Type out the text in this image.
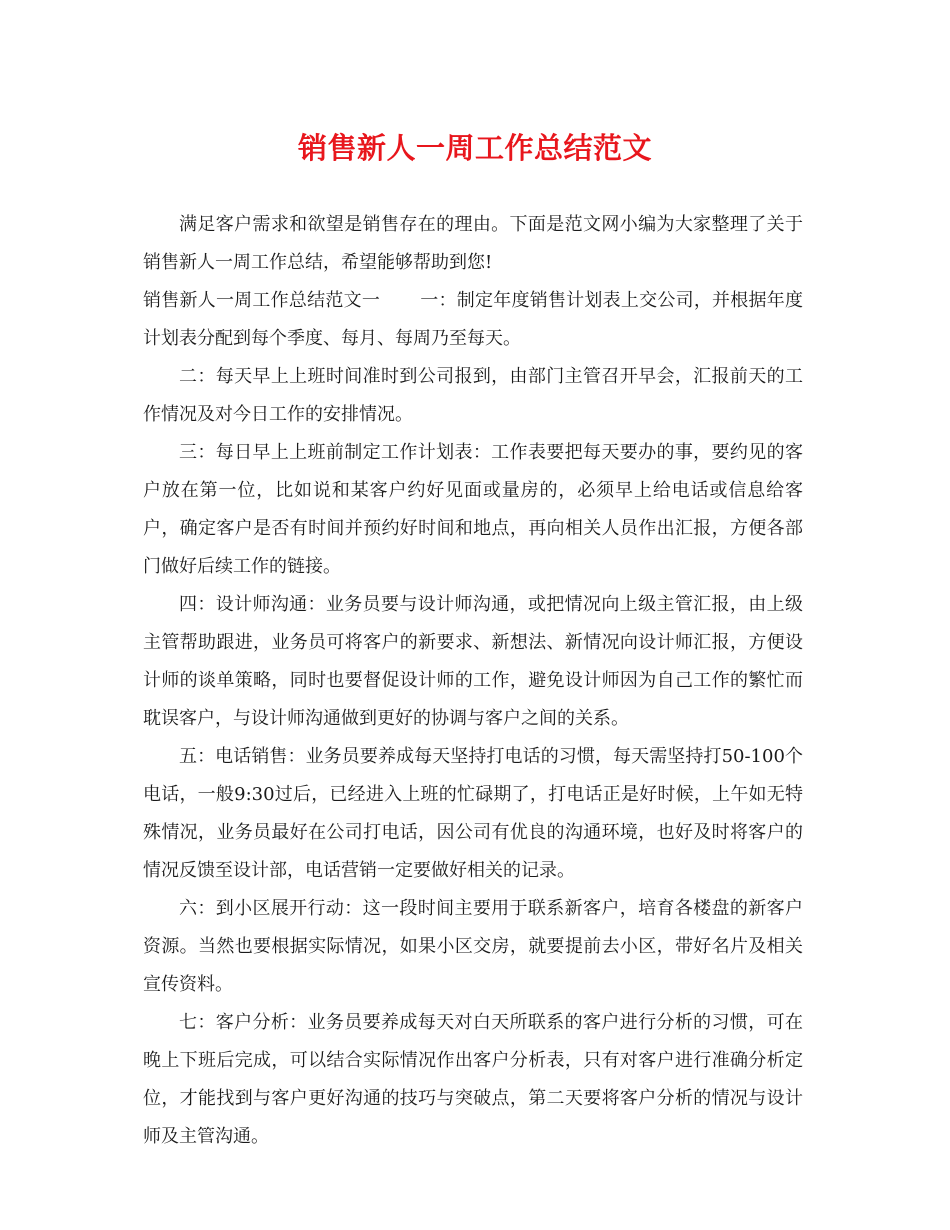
销售新人一周工作总结范文

满足客户需求和欲望是销售存在的理由。下面是范文网小编为大家整理了关于销售新人一周工作总结，希望能够帮助到您!

销售新人一周工作总结范文一 一：制定年度销售计划表上交公司，并根据年度计划表分配到每个季度、每月、每周乃至每天。

二：每天早上上班时间准时到公司报到，由部门主管召开早会，汇报前天的工作情况及对今日工作的安排情况。

三：每日早上上班前制定工作计划表：工作表要把每天要办的事，要约见的客户放在第一位，比如说和某客户约好见面或量房的，必须早上给电话或信息给客户，确定客户是否有时间并预约好时间和地点，再向相关人员作出汇报，方便各部门做好后续工作的链接。

四：设计师沟通：业务员要与设计师沟通，或把情况向上级主管汇报，由上级主管帮助跟进，业务员可将客户的新要求、新想法、新情况向设计师汇报，方便设计师的谈单策略，同时也要督促设计师的工作，避免设计师因为自己工作的繁忙而耽误客户，与设计师沟通做到更好的协调与客户之间的关系。

五：电话销售：业务员要养成每天坚持打电话的习惯，每天需坚持打50-100个电话，一般9:30过后，已经进入上班的忙碌期了，打电话正是好时候，上午如无特殊情况，业务员最好在公司打电话，因公司有优良的沟通环境，也好及时将客户的情况反馈至设计部，电话营销一定要做好相关的记录。

六：到小区展开行动：这一段时间主要用于联系新客户，培育各楼盘的新客户资源。当然也要根据实际情况，如果小区交房，就要提前去小区，带好名片及相关宣传资料。

七：客户分析：业务员要养成每天对白天所联系的客户进行分析的习惯，可在晚上下班后完成，可以结合实际情况作出客户分析表，只有对客户进行准确分析定位，才能找到与客户更好沟通的技巧与突破点，第二天要将客户分析的情况与设计师及主管沟通。
